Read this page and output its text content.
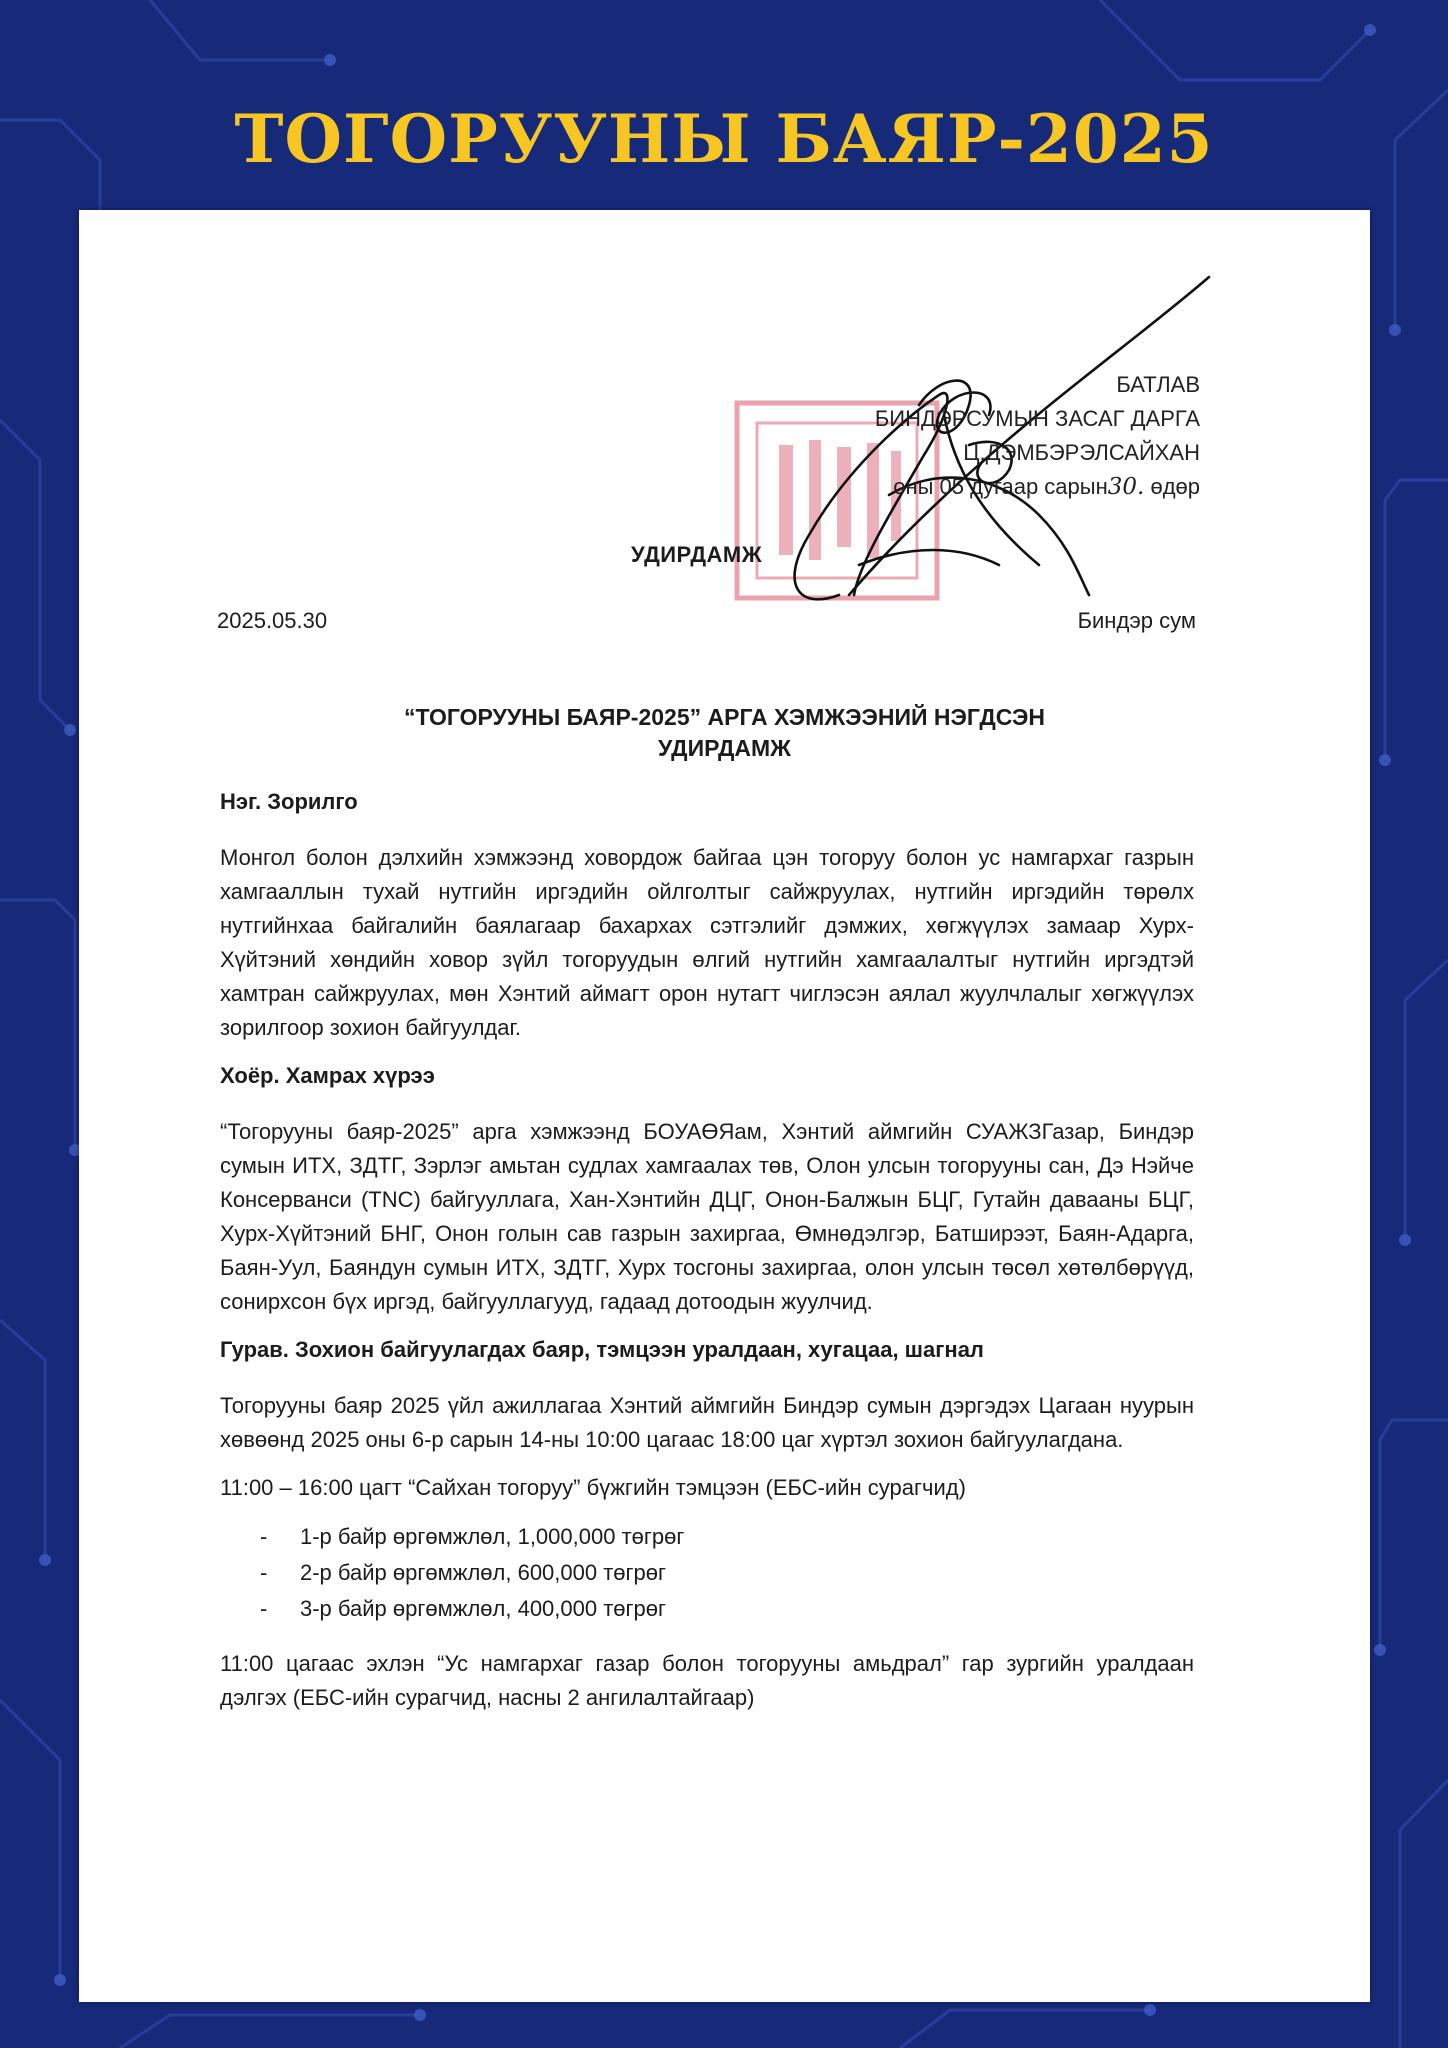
ТОГОРУУНЫ БАЯР-2025
БАТЛАВ
БИНДЭРСУМЫН ЗАСАГ ДАРГА
Ц.ДЭМБЭРЭЛСАЙХАН
оны 05 дугаар сарын30. өдөр
УДИРДАМЖ
2025.05.30	Биндэр сум
“ТОГОРУУНЫ БАЯР-2025” АРГА ХЭМЖЭЭНИЙ НЭГДСЭН
УДИРДАМЖ
Нэг. Зорилго

Монгол болон дэлхийн хэмжээнд ховордож байгаа цэн тогоруу болон ус намгархаг газрын хамгааллын тухай нутгийн иргэдийн ойлголтыг сайжруулах, нутгийн иргэдийн төрөлх нутгийнхаа байгалийн баялагаар бахархах сэтгэлийг дэмжих, хөгжүүлэх замаар Хурх-Хүйтэний хөндийн ховор зүйл тогоруудын өлгий нутгийн хамгаалалтыг нутгийн иргэдтэй хамтран сайжруулах, мөн Хэнтий аймагт орон нутагт чиглэсэн аялал жуулчлалыг хөгжүүлэх зорилгоор зохион байгуулдаг.

Хоёр. Хамрах хүрээ

“Тогорууны баяр-2025” арга хэмжээнд БОУАӨЯам, Хэнтий аймгийн СУАЖЗГазар, Биндэр сумын ИТХ, ЗДТГ, Зэрлэг амьтан судлах хамгаалах төв, Олон улсын тогорууны сан, Дэ Нэйче Консерванси (TNC) байгууллага, Хан-Хэнтийн ДЦГ, Онон-Балжын БЦГ, Гутайн давааны БЦГ, Хурх-Хүйтэний БНГ, Онон голын сав газрын захиргаа, Өмнөдэлгэр, Батширээт, Баян-Адарга, Баян-Уул, Баяндун сумын ИТХ, ЗДТГ, Хурх тосгоны захиргаа, олон улсын төсөл хөтөлбөрүүд, сонирхсон бүх иргэд, байгууллагууд, гадаад дотоодын жуулчид.

Гурав. Зохион байгуулагдах баяр, тэмцээн уралдаан, хугацаа, шагнал

Тогорууны баяр 2025 үйл ажиллагаа Хэнтий аймгийн Биндэр сумын дэргэдэх Цагаан нуурын хөвөөнд 2025 оны 6-р сарын 14-ны 10:00 цагаас 18:00 цаг хүртэл зохион байгуулагдана.

11:00 – 16:00 цагт “Сайхан тогоруу” бүжгийн тэмцээн (ЕБС-ийн сурагчид)

- 1-р байр өргөмжлөл, 1,000,000 төгрөг
- 2-р байр өргөмжлөл, 600,000 төгрөг
- 3-р байр өргөмжлөл, 400,000 төгрөг

11:00 цагаас эхлэн “Ус намгархаг газар болон тогорууны амьдрал” гар зургийн уралдаан дэлгэх (ЕБС-ийн сурагчид, насны 2 ангилалтайгаар)
